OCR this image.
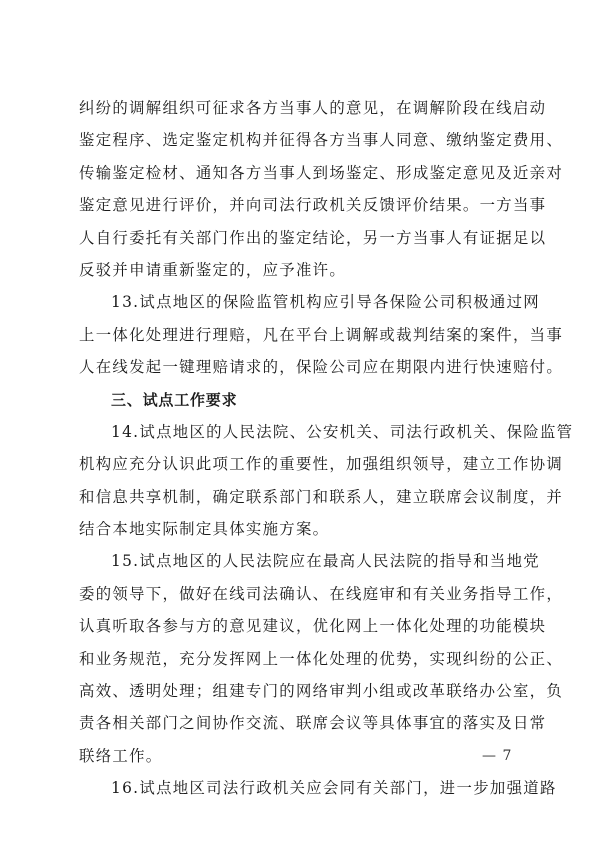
纠纷的调解组织可征求各方当事人的意见，在调解阶段在线启动
鉴定程序、选定鉴定机构并征得各方当事人同意、缴纳鉴定费用、
传输鉴定检材、通知各方当事人到场鉴定、形成鉴定意见及近亲对
鉴定意见进行评价，并向司法行政机关反馈评价结果。一方当事
人自行委托有关部门作出的鉴定结论，另一方当事人有证据足以
反驳并申请重新鉴定的，应予准许。
13.试点地区的保险监管机构应引导各保险公司积极通过网
上一体化处理进行理赔，凡在平台上调解或裁判结案的案件，当事
人在线发起一键理赔请求的，保险公司应在期限内进行快速赔付。
三、试点工作要求
14.试点地区的人民法院、公安机关、司法行政机关、保险监管
机构应充分认识此项工作的重要性，加强组织领导，建立工作协调
和信息共享机制，确定联系部门和联系人，建立联席会议制度，并
结合本地实际制定具体实施方案。
15.试点地区的人民法院应在最高人民法院的指导和当地党
委的领导下，做好在线司法确认、在线庭审和有关业务指导工作，
认真听取各参与方的意见建议，优化网上一体化处理的功能模块
和业务规范，充分发挥网上一体化处理的优势，实现纠纷的公正、
高效、透明处理；组建专门的网络审判小组或改革联络办公室，负
责各相关部门之间协作交流、联席会议等具体事宜的落实及日常
联络工作。
16.试点地区司法行政机关应会同有关部门，进一步加强道路
— 7
